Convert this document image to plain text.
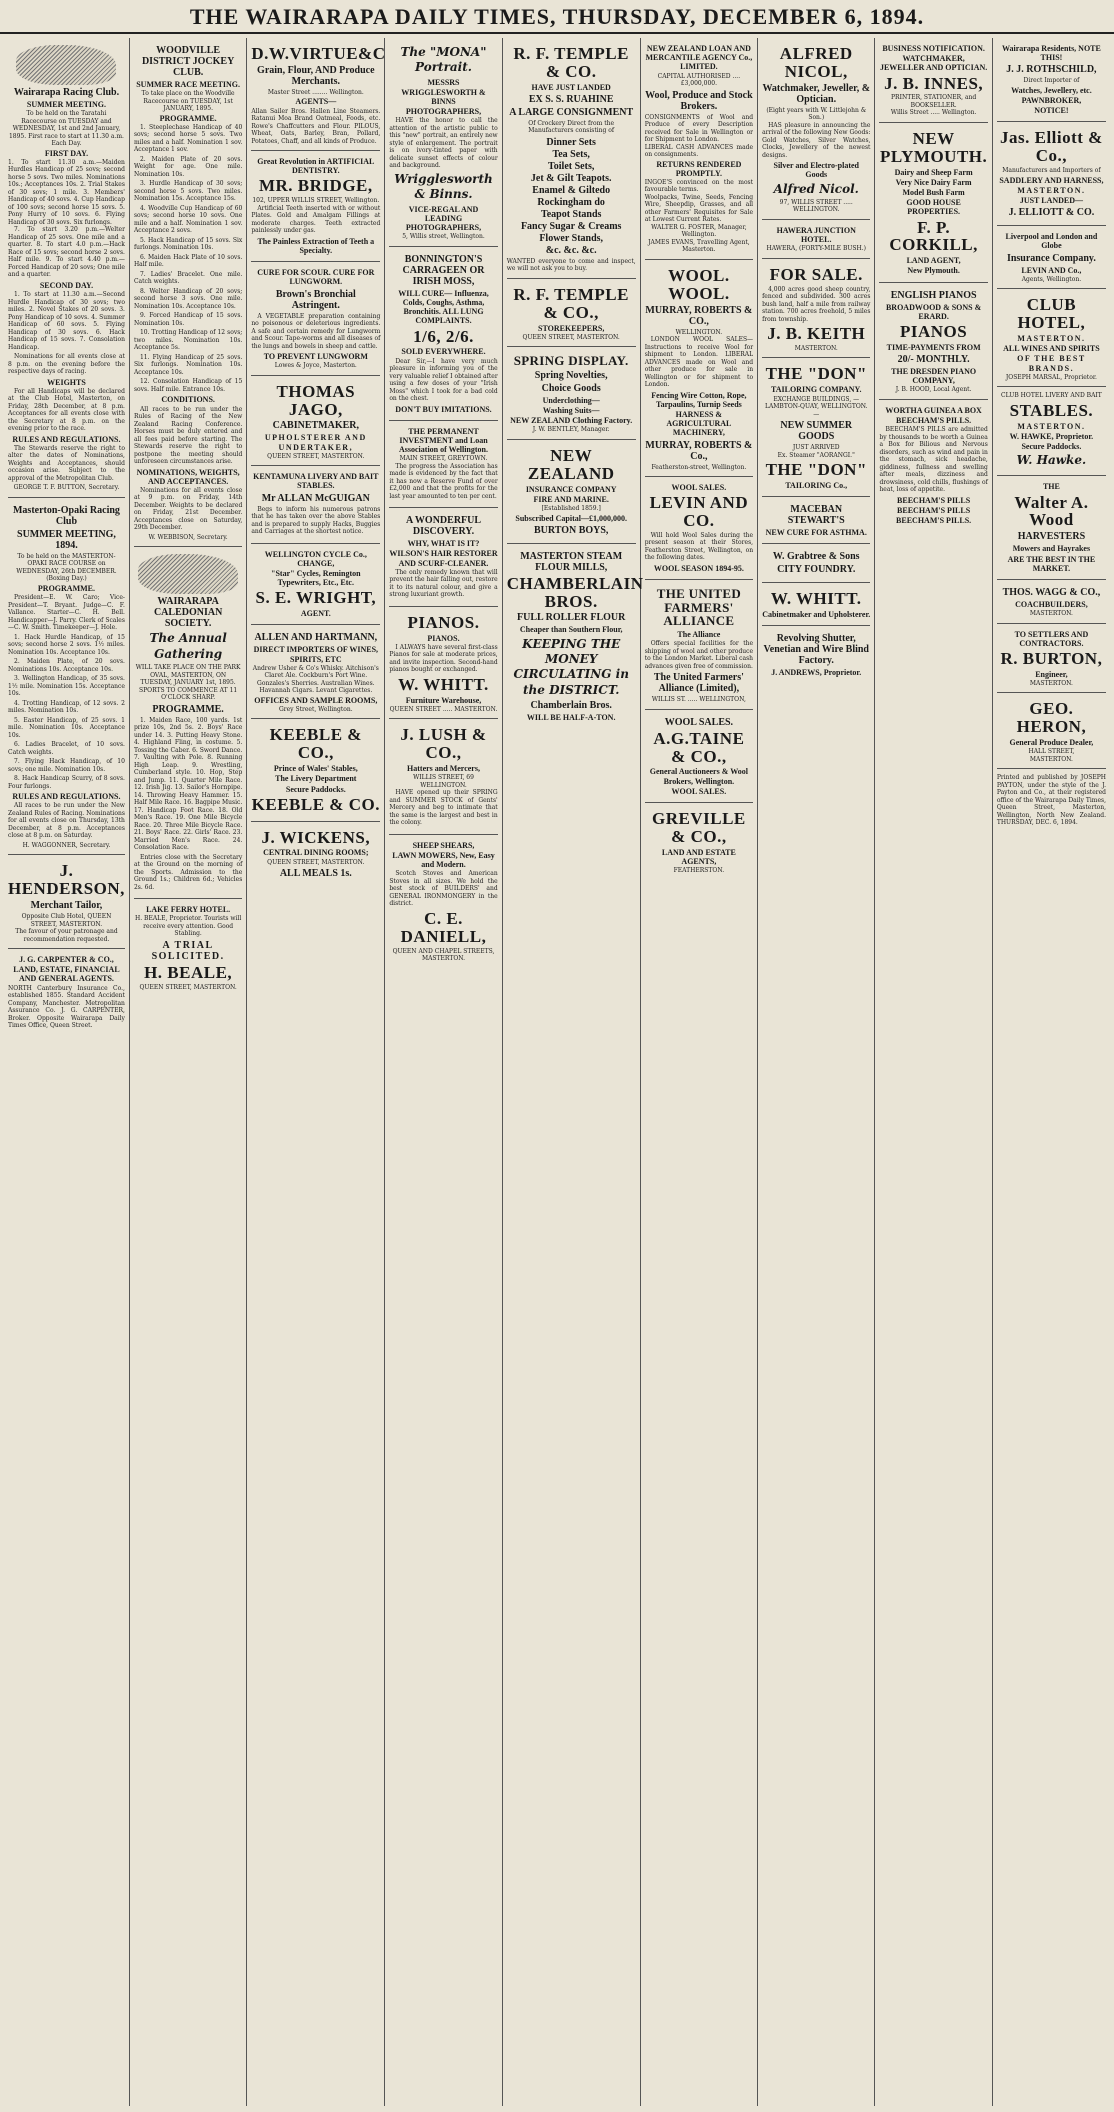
THE WAIRARAPA DAILY TIMES, THURSDAY, DECEMBER 6, 1894.
Wairarapa Racing Club.
SUMMER MEETING.
To be held on the Taratahi Racecourse on TUESDAY and WEDNESDAY, 1st and 2nd January, 1895. First race to start at 11.30 a.m. Each Day.
FIRST DAY.
1. To start 11.30 a.m.—Maiden Hurdles Handicap of 25 sovs; second horse 5 sovs. Two miles. Nominations 10s.; Acceptances 10s. 2. Trial Stakes of 30 sovs; 1 mile. 3. Members' Handicap of 40 sovs. 4. Cup Handicap of 100 sovs; second horse 15 sovs. 5. Pony Hurry of 10 sovs. 6. Flying Handicap of 30 sovs. Six furlongs.

7. To start 3.20 p.m.—Welter Handicap of 25 sovs. One mile and a quarter. 8. To start 4.0 p.m.—Hack Race of 15 sovs; second horse 2 sovs. Half mile. 9. To start 4.40 p.m.—Forced Handicap of 20 sovs; One mile and a quarter.

SECOND DAY.

1. To start at 11.30 a.m.—Second Hurdle Handicap of 30 sovs; two miles. 2. Novel Stakes of 20 sovs. 3. Pony Handicap of 10 sovs. 4. Summer Handicap of 60 sovs. 5. Flying Handicap of 30 sovs. 6. Hack Handicap of 15 sovs. 7. Consolation Handicap.

Nominations for all events close at 8 p.m. on the evening before the respective days of racing.

WEIGHTS

For all Handicaps will be declared at the Club Hotel, Masterton, on Friday, 28th December, at 8 p.m. Acceptances for all events close with the Secretary at 8 p.m. on the evening prior to the race.

RULES AND REGULATIONS.

The Stewards reserve the right to alter the dates of Nominations, Weights and Acceptances, should occasion arise. Subject to the approval of the Metropolitan Club.

GEORGE T. F. BUTTON, Secretary.
Masterton-Opaki Racing Club
SUMMER MEETING, 1894.
To be held on the MASTERTON-OPAKI RACE COURSE on WEDNESDAY, 26th DECEMBER. (Boxing Day.)
PROGRAMME.

President—E. W. Caro; Vice-President—T. Bryant. Judge—C. F. Vallance. Starter—C. H. Bell. Handicapper—J. Parry. Clerk of Scales—C. W. Smith. Timekeeper—J. Hole.

1. Hack Hurdle Handicap, of 15 sovs; second horse 2 sovs. 1½ miles. Nomination 10s. Acceptance 10s.

2. Maiden Plate, of 20 sovs. Nominations 10s. Acceptance 10s.

3. Wellington Handicap, of 35 sovs. 1½ mile. Nomination 15s. Acceptance 10s.

4. Trotting Handicap, of 12 sovs. 2 miles. Nomination 10s.

5. Easter Handicap, of 25 sovs. 1 mile. Nomination 10s. Acceptance 10s.

6. Ladies Bracelet, of 10 sovs. Catch weights.

7. Flying Hack Handicap, of 10 sovs; one mile. Nomination 10s.

8. Hack Handicap Scurry, of 8 sovs. Four furlongs.

RULES AND REGULATIONS.

All races to be run under the New Zealand Rules of Racing. Nominations for all events close on Thursday, 13th December, at 8 p.m. Acceptances close at 8 p.m. on Saturday.

H. WAGGONNER, Secretary.
J. HENDERSON,
Merchant Tailor,
Opposite Club Hotel, QUEEN STREET, MASTERTON.
The favour of your patronage and recommendation requested.
J. G. CARPENTER & CO.,
LAND, ESTATE, FINANCIAL AND GENERAL AGENTS.
NORTH Canterbury Insurance Co., established 1855. Standard Accident Company, Manchester. Metropolitan Assurance Co. J. G. CARPENTER, Broker. Opposite Wairarapa Daily Times Office, Queen Street.
WOODVILLE DISTRICT JOCKEY CLUB.
SUMMER RACE MEETING.
To take place on the Woodville Racecourse on TUESDAY, 1st JANUARY, 1895.
PROGRAMME.

1. Steeplechase Handicap of 40 sovs; second horse 5 sovs. Two miles and a half. Nomination 1 sov. Acceptance 1 sov.

2. Maiden Plate of 20 sovs. Weight for age. One mile. Nomination 10s.

3. Hurdle Handicap of 30 sovs; second horse 5 sovs. Two miles. Nomination 15s. Acceptance 15s.

4. Woodville Cup Handicap of 60 sovs; second horse 10 sovs. One mile and a half. Nomination 1 sov. Acceptance 2 sovs.

5. Hack Handicap of 15 sovs. Six furlongs. Nomination 10s.

6. Maiden Hack Plate of 10 sovs. Half mile.

7. Ladies' Bracelet. One mile. Catch weights.

8. Welter Handicap of 20 sovs; second horse 3 sovs. One mile. Nomination 10s. Acceptance 10s.

9. Forced Handicap of 15 sovs. Nomination 10s.

10. Trotting Handicap of 12 sovs; two miles. Nomination 10s. Acceptance 5s.

11. Flying Handicap of 25 sovs. Six furlongs. Nomination 10s. Acceptance 10s.

12. Consolation Handicap of 15 sovs. Half mile. Entrance 10s.

CONDITIONS.

All races to be run under the Rules of Racing of the New Zealand Racing Conference. Horses must be duly entered and all fees paid before starting. The Stewards reserve the right to postpone the meeting should unforeseen circumstances arise.

NOMINATIONS, WEIGHTS, AND ACCEPTANCES.

Nominations for all events close at 9 p.m. on Friday, 14th December. Weights to be declared on Friday, 21st December. Acceptances close on Saturday, 29th December.

W. WEBBISON, Secretary.
WAIRARAPA CALEDONIAN SOCIETY.
The Annual Gathering
WILL TAKE PLACE ON THE PARK OVAL, MASTERTON, ON TUESDAY, JANUARY 1st, 1895. SPORTS TO COMMENCE AT 11 O'CLOCK SHARP.
PROGRAMME.

1. Maiden Race, 100 yards. 1st prize 10s, 2nd 5s. 2. Boys' Race under 14. 3. Putting Heavy Stone. 4. Highland Fling, in costume. 5. Tossing the Caber. 6. Sword Dance. 7. Vaulting with Pole. 8. Running High Leap. 9. Wrestling, Cumberland style. 10. Hop, Step and Jump. 11. Quarter Mile Race. 12. Irish Jig. 13. Sailor's Hornpipe. 14. Throwing Heavy Hammer. 15. Half Mile Race. 16. Bagpipe Music. 17. Handicap Foot Race. 18. Old Men's Race. 19. One Mile Bicycle Race. 20. Three Mile Bicycle Race. 21. Boys' Race. 22. Girls' Race. 23. Married Men's Race. 24. Consolation Race.

Entries close with the Secretary at the Ground on the morning of the Sports. Admission to the Ground 1s.; Children 6d.; Vehicles 2s. 6d.

LAKE FERRY HOTEL.
H. BEALE, Proprietor. Tourists will receive every attention. Good Stabling.
A TRIAL SOLICITED.
H. BEALE,
QUEEN STREET, MASTERTON.
D.W.VIRTUE&C
Grain, Flour, AND Produce Merchants.
Master Street ........ Wellington.
AGENTS—
Allan Sailer Bros. Hallen Line Steamers. Ratanui Moa Brand Oatmeal, Foods, etc. Rowe's Chaffcutters and Flour. PILOUS, Wheat, Oats, Barley, Bran, Pollard, Potatoes, Chaff, and all kinds of Produce.
Great Revolution in ARTIFICIAL DENTISTRY.
MR. BRIDGE,
102, UPPER WILLIS STREET, Wellington.

Artificial Teeth inserted with or without Plates. Gold and Amalgam Fillings at moderate charges. Teeth extracted painlessly under gas.

The Painless Extraction of Teeth a Specialty.
CURE FOR SCOUR. CURE FOR LUNGWORM.
Brown's Bronchial Astringent.

A VEGETABLE preparation containing no poisonous or deleterious ingredients. A safe and certain remedy for Lungworm and Scour. Tape-worms and all diseases of the lungs and bowels in sheep and cattle.

TO PREVENT LUNGWORM
Lowes & Joyce, Masterton.
THOMAS JAGO,
CABINETMAKER,
UPHOLSTERER AND UNDERTAKER,
QUEEN STREET, MASTERTON.
KENTAMUNA LIVERY AND BAIT STABLES.
Mr ALLAN McGUIGAN

Begs to inform his numerous patrons that he has taken over the above Stables and is prepared to supply Hacks, Buggies and Carriages at the shortest notice.

WELLINGTON CYCLE Co., CHANGE,
"Star" Cycles, Remington Typewriters, Etc., Etc.
S. E. WRIGHT,
AGENT.
ALLEN AND HARTMANN,
DIRECT IMPORTERS OF WINES, SPIRITS, ETC
Andrew Usher & Co's Whisky. Aitchison's Claret Ale. Cockburn's Port Wine. Gonzales's Sherries. Australian Wines. Havannah Cigars. Levant Cigarettes.
OFFICES AND SAMPLE ROOMS,
Grey Street, Wellington.
KEEBLE & CO.,
Prince of Wales' Stables,
The Livery Department
Secure Paddocks.
KEEBLE & CO.
J. WICKENS,
CENTRAL DINING ROOMS;
QUEEN STREET, MASTERTON.
ALL MEALS 1s.
The "MONA" Portrait.
MESSRS
WRIGGLESWORTH & BINNS
PHOTOGRAPHERS,

HAVE the honor to call the attention of the artistic public to this "new" portrait, an entirely new style of enlargement. The portrait is on ivory-tinted paper with delicate sunset effects of colour and background.

Wrigglesworth & Binns.
VICE-REGAL AND LEADING PHOTOGRAPHERS,
5, Willis street, Wellington.
BONNINGTON'S CARRAGEEN OR IRISH MOSS,
WILL CURE— Influenza, Colds, Coughs, Asthma, Bronchitis. ALL LUNG COMPLAINTS.
1/6, 2/6.
SOLD EVERYWHERE.

Dear Sir,—I have very much pleasure in informing you of the very valuable relief I obtained after using a few doses of your "Irish Moss" which I took for a bad cold on the chest.

DON'T BUY IMITATIONS.
THE PERMANENT INVESTMENT and Loan Association of Wellington.
MAIN STREET, GREYTOWN.

The progress the Association has made is evidenced by the fact that it has now a Reserve Fund of over £2,000 and that the profits for the last year amounted to ten per cent.

A WONDERFUL DISCOVERY.
WHY, WHAT IS IT?
WILSON'S HAIR RESTORER AND SCURF-CLEANER.

The only remedy known that will prevent the hair falling out, restore it to its natural colour, and give a strong luxuriant growth.

PIANOS.
PIANOS.

I ALWAYS have several first-class Pianos for sale at moderate prices, and invite inspection. Second-hand pianos bought or exchanged.

W. WHITT.
Furniture Warehouse,
QUEEN STREET ..... MASTERTON.
J. LUSH & CO.,
Hatters and Mercers,
WILLIS STREET, 69 WELLINGTON.

HAVE opened up their SPRING and SUMMER STOCK of Gents' Mercery and beg to intimate that the same is the largest and best in the colony.

SHEEP SHEARS,
LAWN MOWERS, New, Easy and Modern.

Scotch Stoves and American Stoves in all sizes. We hold the best stock of BUILDERS' and GENERAL IRONMONGERY in the district.

C. E. DANIELL,
QUEEN AND CHAPEL STREETS, MASTERTON.
R. F. TEMPLE & CO.
HAVE JUST LANDED
EX S. S. RUAHINE
A LARGE CONSIGNMENT
Of Crockery Direct from the Manufacturers consisting of
Dinner Sets
Tea Sets,
Toilet Sets,
Jet & Gilt Teapots.
Enamel & Giltedo
Rockingham do
Teapot Stands
Fancy Sugar & Creams
Flower Stands,
&c. &c. &c.
WANTED everyone to come and inspect, we will not ask you to buy.
R. F. TEMPLE & CO.,
STOREKEEPERS,
QUEEN STREET, MASTERTON.
SPRING DISPLAY.
Spring Novelties,
Choice Goods
Underclothing—
Washing Suits—
NEW ZEALAND Clothing Factory.
J. W. BENTLEY, Manager.
NEW ZEALAND
INSURANCE COMPANY
FIRE AND MARINE.
[Established 1859.]
Subscribed Capital—£1,000,000.
BURTON BOYS,
MASTERTON STEAM FLOUR MILLS,
CHAMBERLAIN BROS.
FULL ROLLER FLOUR
Cheaper than Southern Flour,
KEEPING THE MONEY CIRCULATING in the DISTRICT.
Chamberlain Bros.
WILL BE HALF-A-TON.
NEW ZEALAND LOAN AND MERCANTILE AGENCY Co., LIMITED.
CAPITAL AUTHORISED .... £3,000,000.
Wool, Produce and Stock Brokers.
CONSIGNMENTS of Wool and Produce of every Description received for Sale in Wellington or for Shipment to London.
LIBERAL CASH ADVANCES made on consignments.
RETURNS RENDERED PROMPTLY.
INGOE'S convinced on the most favourable terms.
Woolpacks, Twine, Seeds, Fencing Wire, Sheepdip, Grasses, and all other Farmers' Requisites for Sale at Lowest Current Rates.
WALTER G. FOSTER, Manager, Wellington.
JAMES EVANS, Travelling Agent, Masterton.
WOOL. WOOL.
MURRAY, ROBERTS & CO.,
WELLINGTON.

LONDON WOOL SALES—Instructions to receive Wool for shipment to London. LIBERAL ADVANCES made on Wool and other produce for sale in Wellington or for shipment to London.

Fencing Wire Cotton, Rope, Tarpaulins, Turnip Seeds
HARNESS & AGRICULTURAL MACHINERY,
MURRAY, ROBERTS & Co.,
Featherston-street, Wellington.
WOOL SALES.
LEVIN AND CO.

Will hold Wool Sales during the present season at their Stores, Featherston Street, Wellington, on the following dates.

WOOL SEASON 1894-95.
THE UNITED FARMERS' ALLIANCE
The Alliance

Offers special facilities for the shipping of wool and other produce to the London Market. Liberal cash advances given free of commission.

The United Farmers' Alliance (Limited),
WILLIS ST. ..... WELLINGTON,
WOOL SALES.
A.G.TAINE & CO.,
General Auctioneers & Wool Brokers, Wellington.
WOOL SALES.
GREVILLE & CO.,
LAND AND ESTATE AGENTS,
FEATHERSTON.
ALFRED NICOL,
Watchmaker, Jeweller, & Optician.
(Eight years with W. Littlejohn & Son.)

HAS pleasure in announcing the arrival of the following New Goods: Gold Watches, Silver Watches, Clocks, Jewellery of the newest designs.

Silver and Electro-plated Goods
Alfred Nicol.
97, WILLIS STREET ..... WELLINGTON.
HAWERA JUNCTION HOTEL.
HAWERA, (FORTY-MILE BUSH.)
FOR SALE.

4,000 acres good sheep country, fenced and subdivided. 300 acres bush land, half a mile from railway station. 700 acres freehold, 5 miles from township.

J. B. KEITH
MASTERTON.
THE "DON"
TAILORING COMPANY.
EXCHANGE BUILDINGS, —LAMBTON-QUAY, WELLINGTON.—
NEW SUMMER GOODS
JUST ARRIVED
Ex. Steamer "AORANGI."
THE "DON"
TAILORING Co.,
MACEBAN STEWART'S
NEW CURE FOR ASTHMA.
W. Grabtree & Sons
CITY FOUNDRY.
W. WHITT.
Cabinetmaker and Upholsterer.
Revolving Shutter, Venetian and Wire Blind Factory.
J. ANDREWS, Proprietor.
BUSINESS NOTIFICATION.
WATCHMAKER, JEWELLER AND OPTICIAN.
J. B. INNES,
PRINTER, STATIONER, and BOOKSELLER.
Willis Street ..... Wellington.
NEW PLYMOUTH.
Dairy and Sheep Farm
Very Nice Dairy Farm
Model Bush Farm
GOOD HOUSE PROPERTIES.
F. P. CORKILL,
LAND AGENT,
New Plymouth.
ENGLISH PIANOS
BROADWOOD & SONS & ERARD.
PIANOS
TIME-PAYMENTS FROM
20/- MONTHLY.
THE DRESDEN PIANO COMPANY,
J. B. HOOD, Local Agent.
WORTHA GUINEA A BOX
BEECHAM'S PILLS.

BEECHAM'S PILLS are admitted by thousands to be worth a Guinea a Box for Bilious and Nervous disorders, such as wind and pain in the stomach, sick headache, giddiness, fullness and swelling after meals, dizziness and drowsiness, cold chills, flushings of heat, loss of appetite.

BEECHAM'S PILLS
BEECHAM'S PILLS
BEECHAM'S PILLS.
Wairarapa Residents, NOTE THIS!
J. J. ROTHSCHILD,
Direct Importer of
Watches, Jewellery, etc.
PAWNBROKER,
NOTICE!
Jas. Elliott & Co.,
Manufacturers and Importers of
SADDLERY AND HARNESS,
MASTERTON.
JUST LANDED—
J. ELLIOTT & CO.
Liverpool and London and Globe
Insurance Company.
LEVIN AND Co.,
Agents, Wellington.
CLUB HOTEL,
MASTERTON.
ALL WINES AND SPIRITS
OF THE BEST BRANDS.
JOSEPH MARSAL, Proprietor.
CLUB HOTEL LIVERY AND BAIT
STABLES.
MASTERTON.
W. HAWKE, Proprietor.
Secure Paddocks.
W. Hawke.
THE
Walter A. Wood
HARVESTERS
Mowers and Hayrakes
ARE THE BEST IN THE MARKET.
THOS. WAGG & CO.,
COACHBUILDERS,
MASTERTON.
TO SETTLERS AND CONTRACTORS.
R. BURTON,
Engineer,
MASTERTON.
GEO. HERON,
General Produce Dealer,
HALL STREET,
MASTERTON.
Printed and published by JOSEPH PAYTON, under the style of the J. Payton and Co., at their registered office of the Wairarapa Daily Times, Queen Street, Masterton, Wellington, North New Zealand. THURSDAY, DEC. 6, 1894.
